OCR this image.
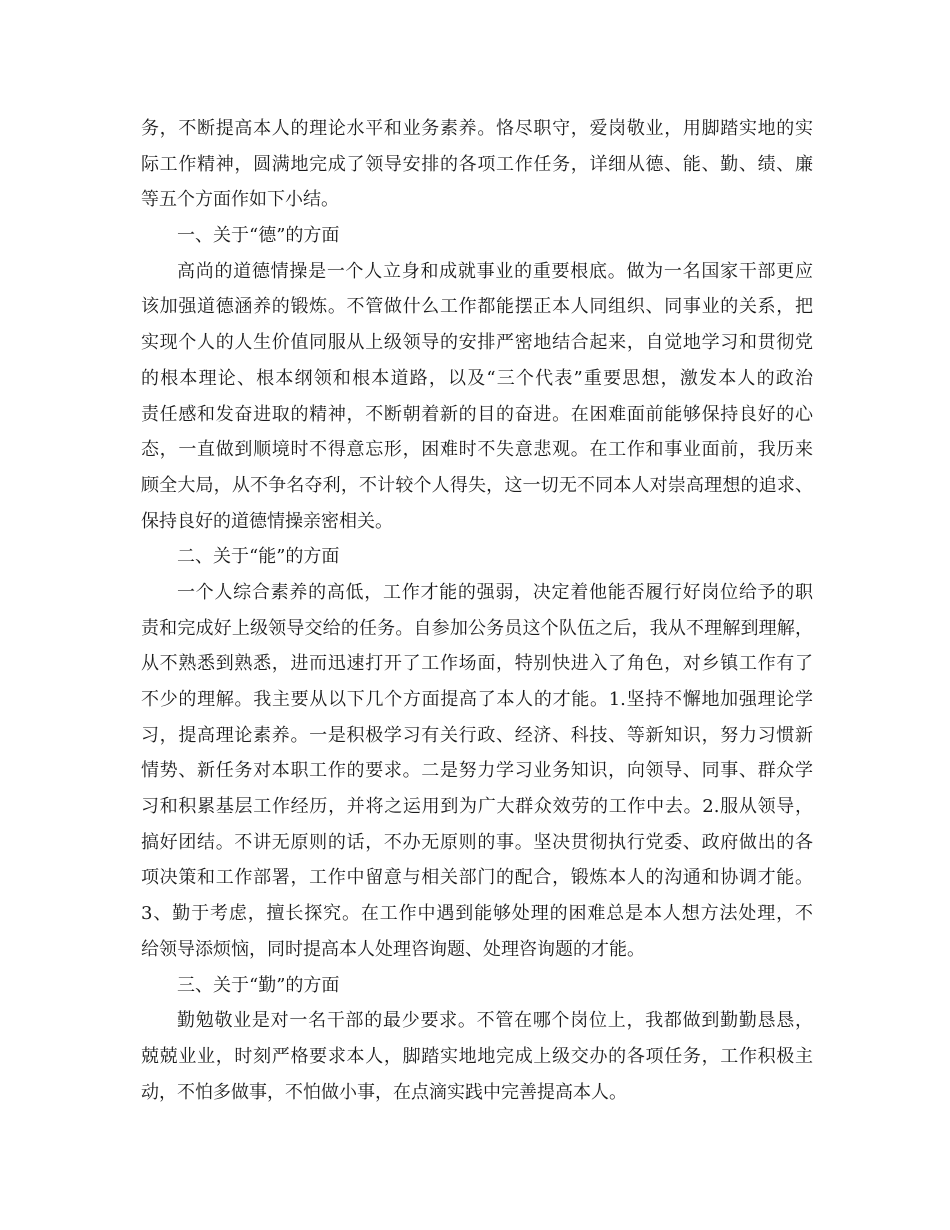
务，不断提高本人的理论水平和业务素养。恪尽职守，爱岗敬业，用脚踏实地的实
际工作精神，圆满地完成了领导安排的各项工作任务，详细从德、能、勤、绩、廉
等五个方面作如下小结。
一、关于“德”的方面
高尚的道德情操是一个人立身和成就事业的重要根底。做为一名国家干部更应
该加强道德涵养的锻炼。不管做什么工作都能摆正本人同组织、同事业的关系，把
实现个人的人生价值同服从上级领导的安排严密地结合起来，自觉地学习和贯彻党
的根本理论、根本纲领和根本道路，以及“三个代表”重要思想，激发本人的政治
责任感和发奋进取的精神，不断朝着新的目的奋进。在困难面前能够保持良好的心
态，一直做到顺境时不得意忘形，困难时不失意悲观。在工作和事业面前，我历来
顾全大局，从不争名夺利，不计较个人得失，这一切无不同本人对崇高理想的追求、
保持良好的道德情操亲密相关。
二、关于“能”的方面
一个人综合素养的高低，工作才能的强弱，决定着他能否履行好岗位给予的职
责和完成好上级领导交给的任务。自参加公务员这个队伍之后，我从不理解到理解，
从不熟悉到熟悉，进而迅速打开了工作场面，特别快进入了角色，对乡镇工作有了
不少的理解。我主要从以下几个方面提高了本人的才能。1.坚持不懈地加强理论学
习，提高理论素养。一是积极学习有关行政、经济、科技、等新知识，努力习惯新
情势、新任务对本职工作的要求。二是努力学习业务知识，向领导、同事、群众学
习和积累基层工作经历，并将之运用到为广大群众效劳的工作中去。2.服从领导，
搞好团结。不讲无原则的话，不办无原则的事。坚决贯彻执行党委、政府做出的各
项决策和工作部署，工作中留意与相关部门的配合，锻炼本人的沟通和协调才能。
3、勤于考虑，擅长探究。在工作中遇到能够处理的困难总是本人想方法处理，不
给领导添烦恼，同时提高本人处理咨询题、处理咨询题的才能。
三、关于“勤”的方面
勤勉敬业是对一名干部的最少要求。不管在哪个岗位上，我都做到勤勤恳恳，
兢兢业业，时刻严格要求本人，脚踏实地地完成上级交办的各项任务，工作积极主
动，不怕多做事，不怕做小事，在点滴实践中完善提高本人。
